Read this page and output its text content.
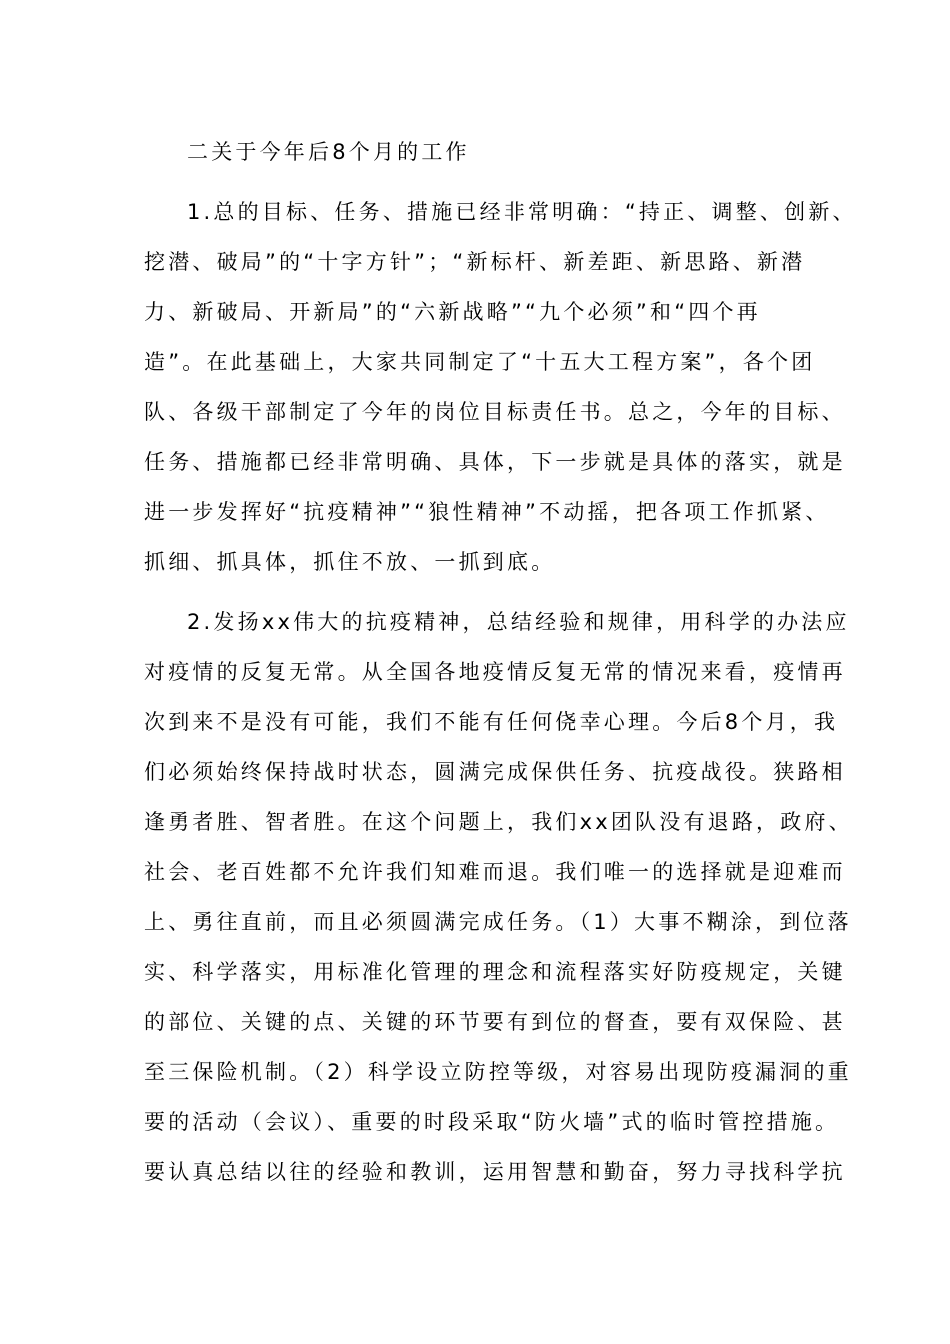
二关于今年后8个月的工作
1.总的目标、任务、措施已经非常明确：“持正、调整、创新、
挖潜、破局”的“十字方针”；“新标杆、新差距、新思路、新潜
力、新破局、开新局”的“六新战略”“九个必须”和“四个再
造”。在此基础上，大家共同制定了“十五大工程方案”，各个团
队、各级干部制定了今年的岗位目标责任书。总之，今年的目标、
任务、措施都已经非常明确、具体，下一步就是具体的落实，就是
进一步发挥好“抗疫精神”“狼性精神”不动摇，把各项工作抓紧、
抓细、抓具体，抓住不放、一抓到底。
2.发扬xx伟大的抗疫精神，总结经验和规律，用科学的办法应
对疫情的反复无常。从全国各地疫情反复无常的情况来看，疫情再
次到来不是没有可能，我们不能有任何侥幸心理。今后8个月，我
们必须始终保持战时状态，圆满完成保供任务、抗疫战役。狭路相
逢勇者胜、智者胜。在这个问题上，我们xx团队没有退路，政府、
社会、老百姓都不允许我们知难而退。我们唯一的选择就是迎难而
上、勇往直前，而且必须圆满完成任务。（1）大事不糊涂，到位落
实、科学落实，用标准化管理的理念和流程落实好防疫规定，关键
的部位、关键的点、关键的环节要有到位的督查，要有双保险、甚
至三保险机制。（2）科学设立防控等级，对容易出现防疫漏洞的重
要的活动（会议）、重要的时段采取“防火墙”式的临时管控措施。
要认真总结以往的经验和教训，运用智慧和勤奋，努力寻找科学抗
